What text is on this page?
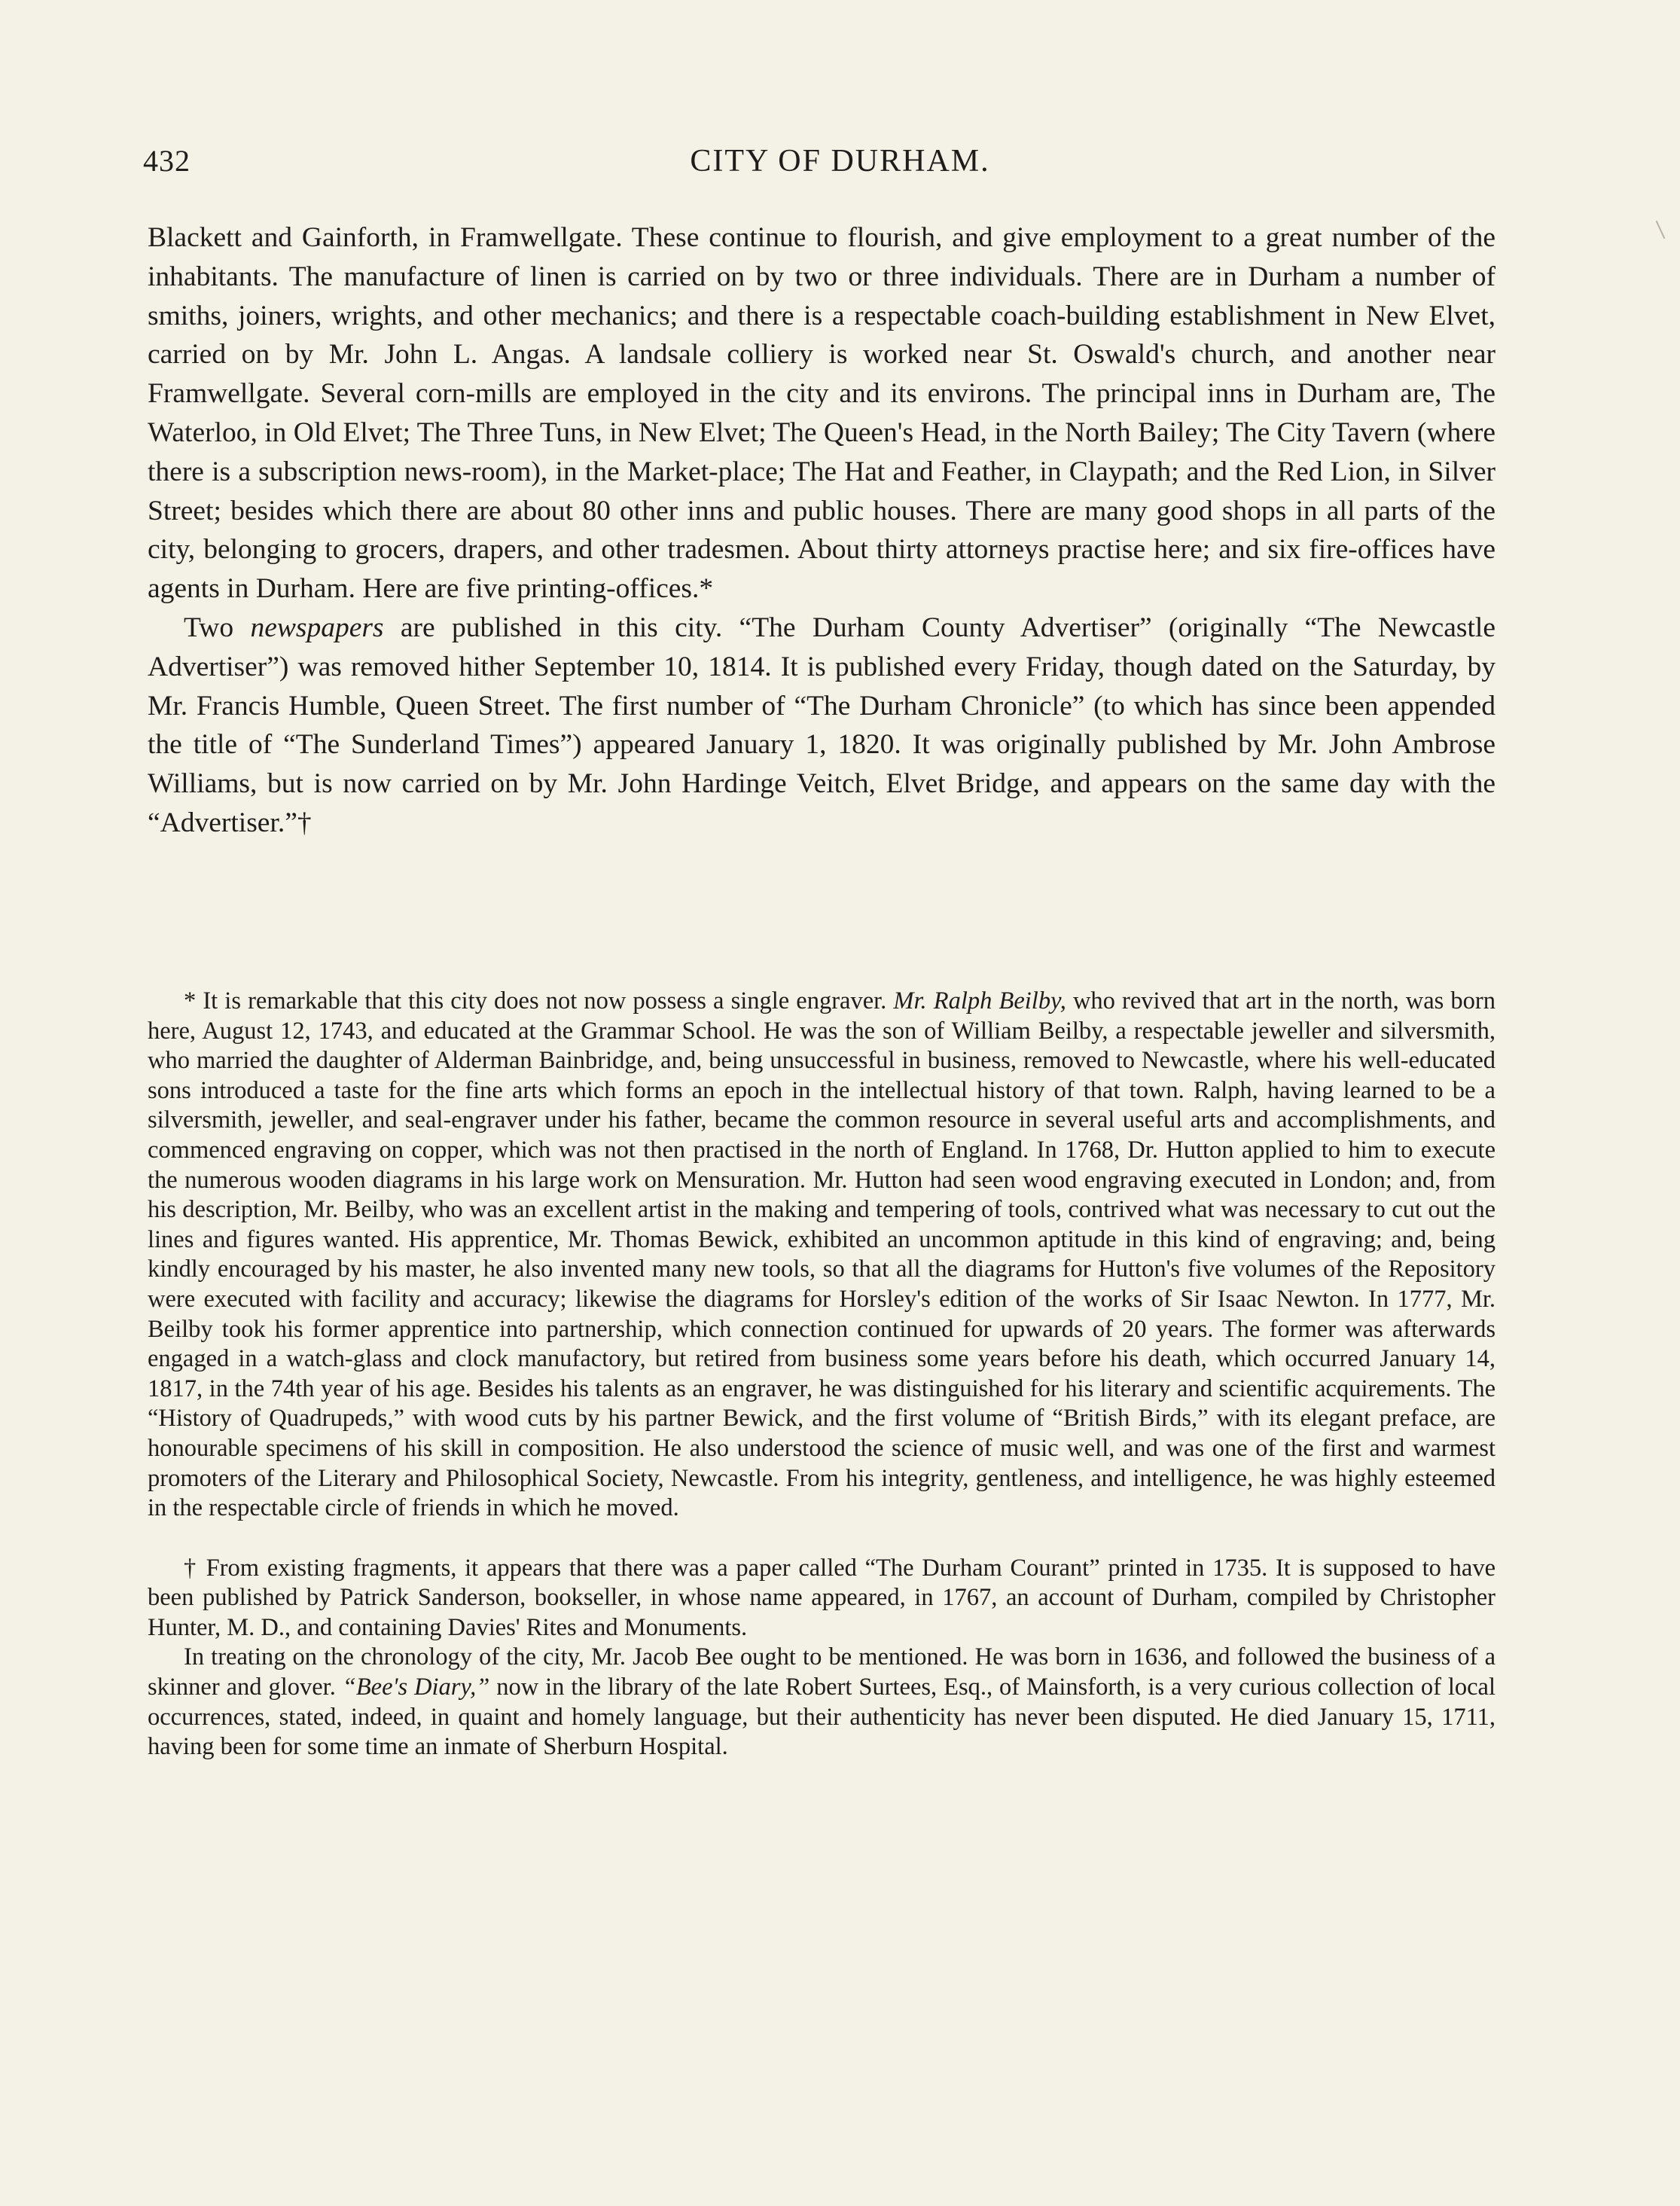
432	CITY OF DURHAM.

Blackett and Gainforth, in Framwellgate. These continue to flourish, and give employment to a great number of the inhabitants. The manufacture of linen is carried on by two or three individuals. There are in Durham a number of smiths, joiners, wrights, and other mechanics; and there is a respectable coach-building establishment in New Elvet, carried on by Mr. John L. Angas. A landsale colliery is worked near St. Oswald's church, and another near Framwellgate. Several corn-mills are employed in the city and its environs. The principal inns in Durham are, The Waterloo, in Old Elvet; The Three Tuns, in New Elvet; The Queen's Head, in the North Bailey; The City Tavern (where there is a subscription news-room), in the Market-place; The Hat and Feather, in Claypath; and the Red Lion, in Silver Street; besides which there are about 80 other inns and public houses. There are many good shops in all parts of the city, belonging to grocers, drapers, and other tradesmen. About thirty attorneys practise here; and six fire-offices have agents in Durham. Here are five printing-offices.*

Two newspapers are published in this city. “The Durham County Advertiser” (originally “The Newcastle Advertiser”) was removed hither September 10, 1814. It is published every Friday, though dated on the Saturday, by Mr. Francis Humble, Queen Street. The first number of “The Durham Chronicle” (to which has since been appended the title of “The Sunderland Times”) appeared January 1, 1820. It was originally published by Mr. John Ambrose Williams, but is now carried on by Mr. John Hardinge Veitch, Elvet Bridge, and appears on the same day with the “Advertiser.”†

* It is remarkable that this city does not now possess a single engraver. Mr. Ralph Beilby, who revived that art in the north, was born here, August 12, 1743, and educated at the Grammar School. He was the son of William Beilby, a respectable jeweller and silversmith, who married the daughter of Alderman Bainbridge, and, being unsuccessful in business, removed to Newcastle, where his well-educated sons introduced a taste for the fine arts which forms an epoch in the intellectual history of that town. Ralph, having learned to be a silversmith, jeweller, and seal-engraver under his father, became the common resource in several useful arts and accomplishments, and commenced engraving on copper, which was not then practised in the north of England. In 1768, Dr. Hutton applied to him to execute the numerous wooden diagrams in his large work on Mensuration. Mr. Hutton had seen wood engraving executed in London; and, from his description, Mr. Beilby, who was an excellent artist in the making and tempering of tools, contrived what was necessary to cut out the lines and figures wanted. His apprentice, Mr. Thomas Bewick, exhibited an uncommon aptitude in this kind of engraving; and, being kindly encouraged by his master, he also invented many new tools, so that all the diagrams for Hutton's five volumes of the Repository were executed with facility and accuracy; likewise the diagrams for Horsley's edition of the works of Sir Isaac Newton. In 1777, Mr. Beilby took his former apprentice into partnership, which connection continued for upwards of 20 years. The former was afterwards engaged in a watch-glass and clock manufactory, but retired from business some years before his death, which occurred January 14, 1817, in the 74th year of his age. Besides his talents as an engraver, he was distinguished for his literary and scientific acquirements. The “History of Quadrupeds,” with wood cuts by his partner Bewick, and the first volume of “British Birds,” with its elegant preface, are honourable specimens of his skill in composition. He also understood the science of music well, and was one of the first and warmest promoters of the Literary and Philosophical Society, Newcastle. From his integrity, gentleness, and intelligence, he was highly esteemed in the respectable circle of friends in which he moved.

† From existing fragments, it appears that there was a paper called “The Durham Courant” printed in 1735. It is supposed to have been published by Patrick Sanderson, bookseller, in whose name appeared, in 1767, an account of Durham, compiled by Christopher Hunter, M. D., and containing Davies' Rites and Monuments.

In treating on the chronology of the city, Mr. Jacob Bee ought to be mentioned. He was born in 1636, and followed the business of a skinner and glover. “Bee's Diary,” now in the library of the late Robert Surtees, Esq., of Mainsforth, is a very curious collection of local occurrences, stated, indeed, in quaint and homely language, but their authenticity has never been disputed. He died January 15, 1711, having been for some time an inmate of Sherburn Hospital.
